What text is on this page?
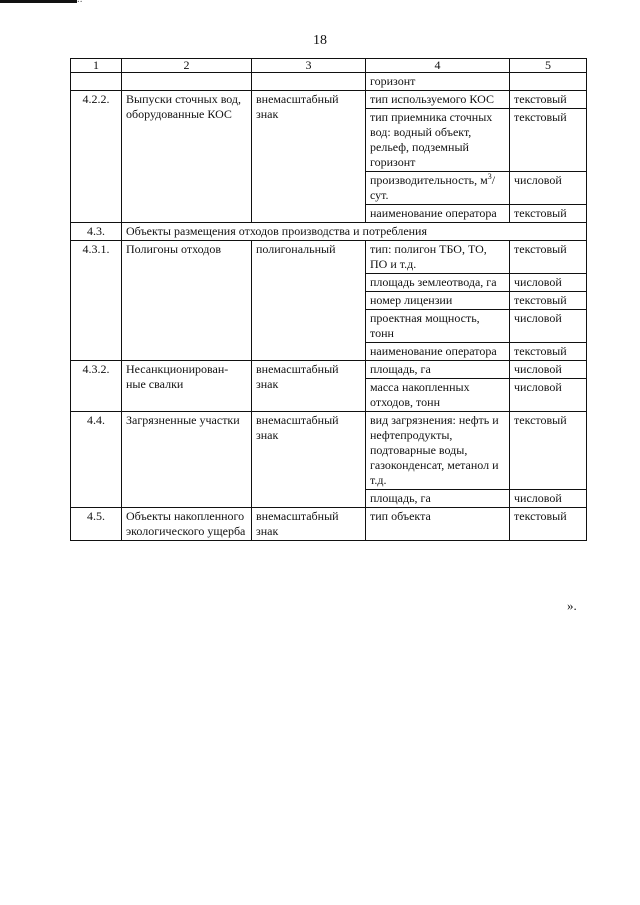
18
1	2	3	4	5
			горизонт	
4.2.2.	Выпуски сточных вод, оборудованные КОС	внемасштабный знак	тип используемого КОС	текстовый
			тип приемника сточных вод: водный объект, рельеф, подземный горизонт	текстовый
			производительность, $м^3$/сут.	числовой
			наименование оператора	текстовый
4.3.	Объекты размещения отходов производства и потребления			
4.3.1.	Полигоны отходов	полигональный	тип: полигон ТБО, ТО, ПО и т.д.	текстовый
			площадь землеотвода, га	числовой
			номер лицензии	текстовый
			проектная мощность, тонн	числовой
			наименование оператора	текстовый
4.3.2.	Несанкционирован-ные свалки	внемасштабный знак	площадь, га	числовой
			масса накопленных отходов, тонн	числовой
4.4.	Загрязненные участки	внемасштабный знак	вид загрязнения: нефть и нефтепродукты, подтоварные воды, газоконденсат, метанол и т.д.	текстовый
			площадь, га	числовой
4.5.	Объекты накопленного экологического ущерба	внемасштабный знак	тип объекта	текстовый
».
